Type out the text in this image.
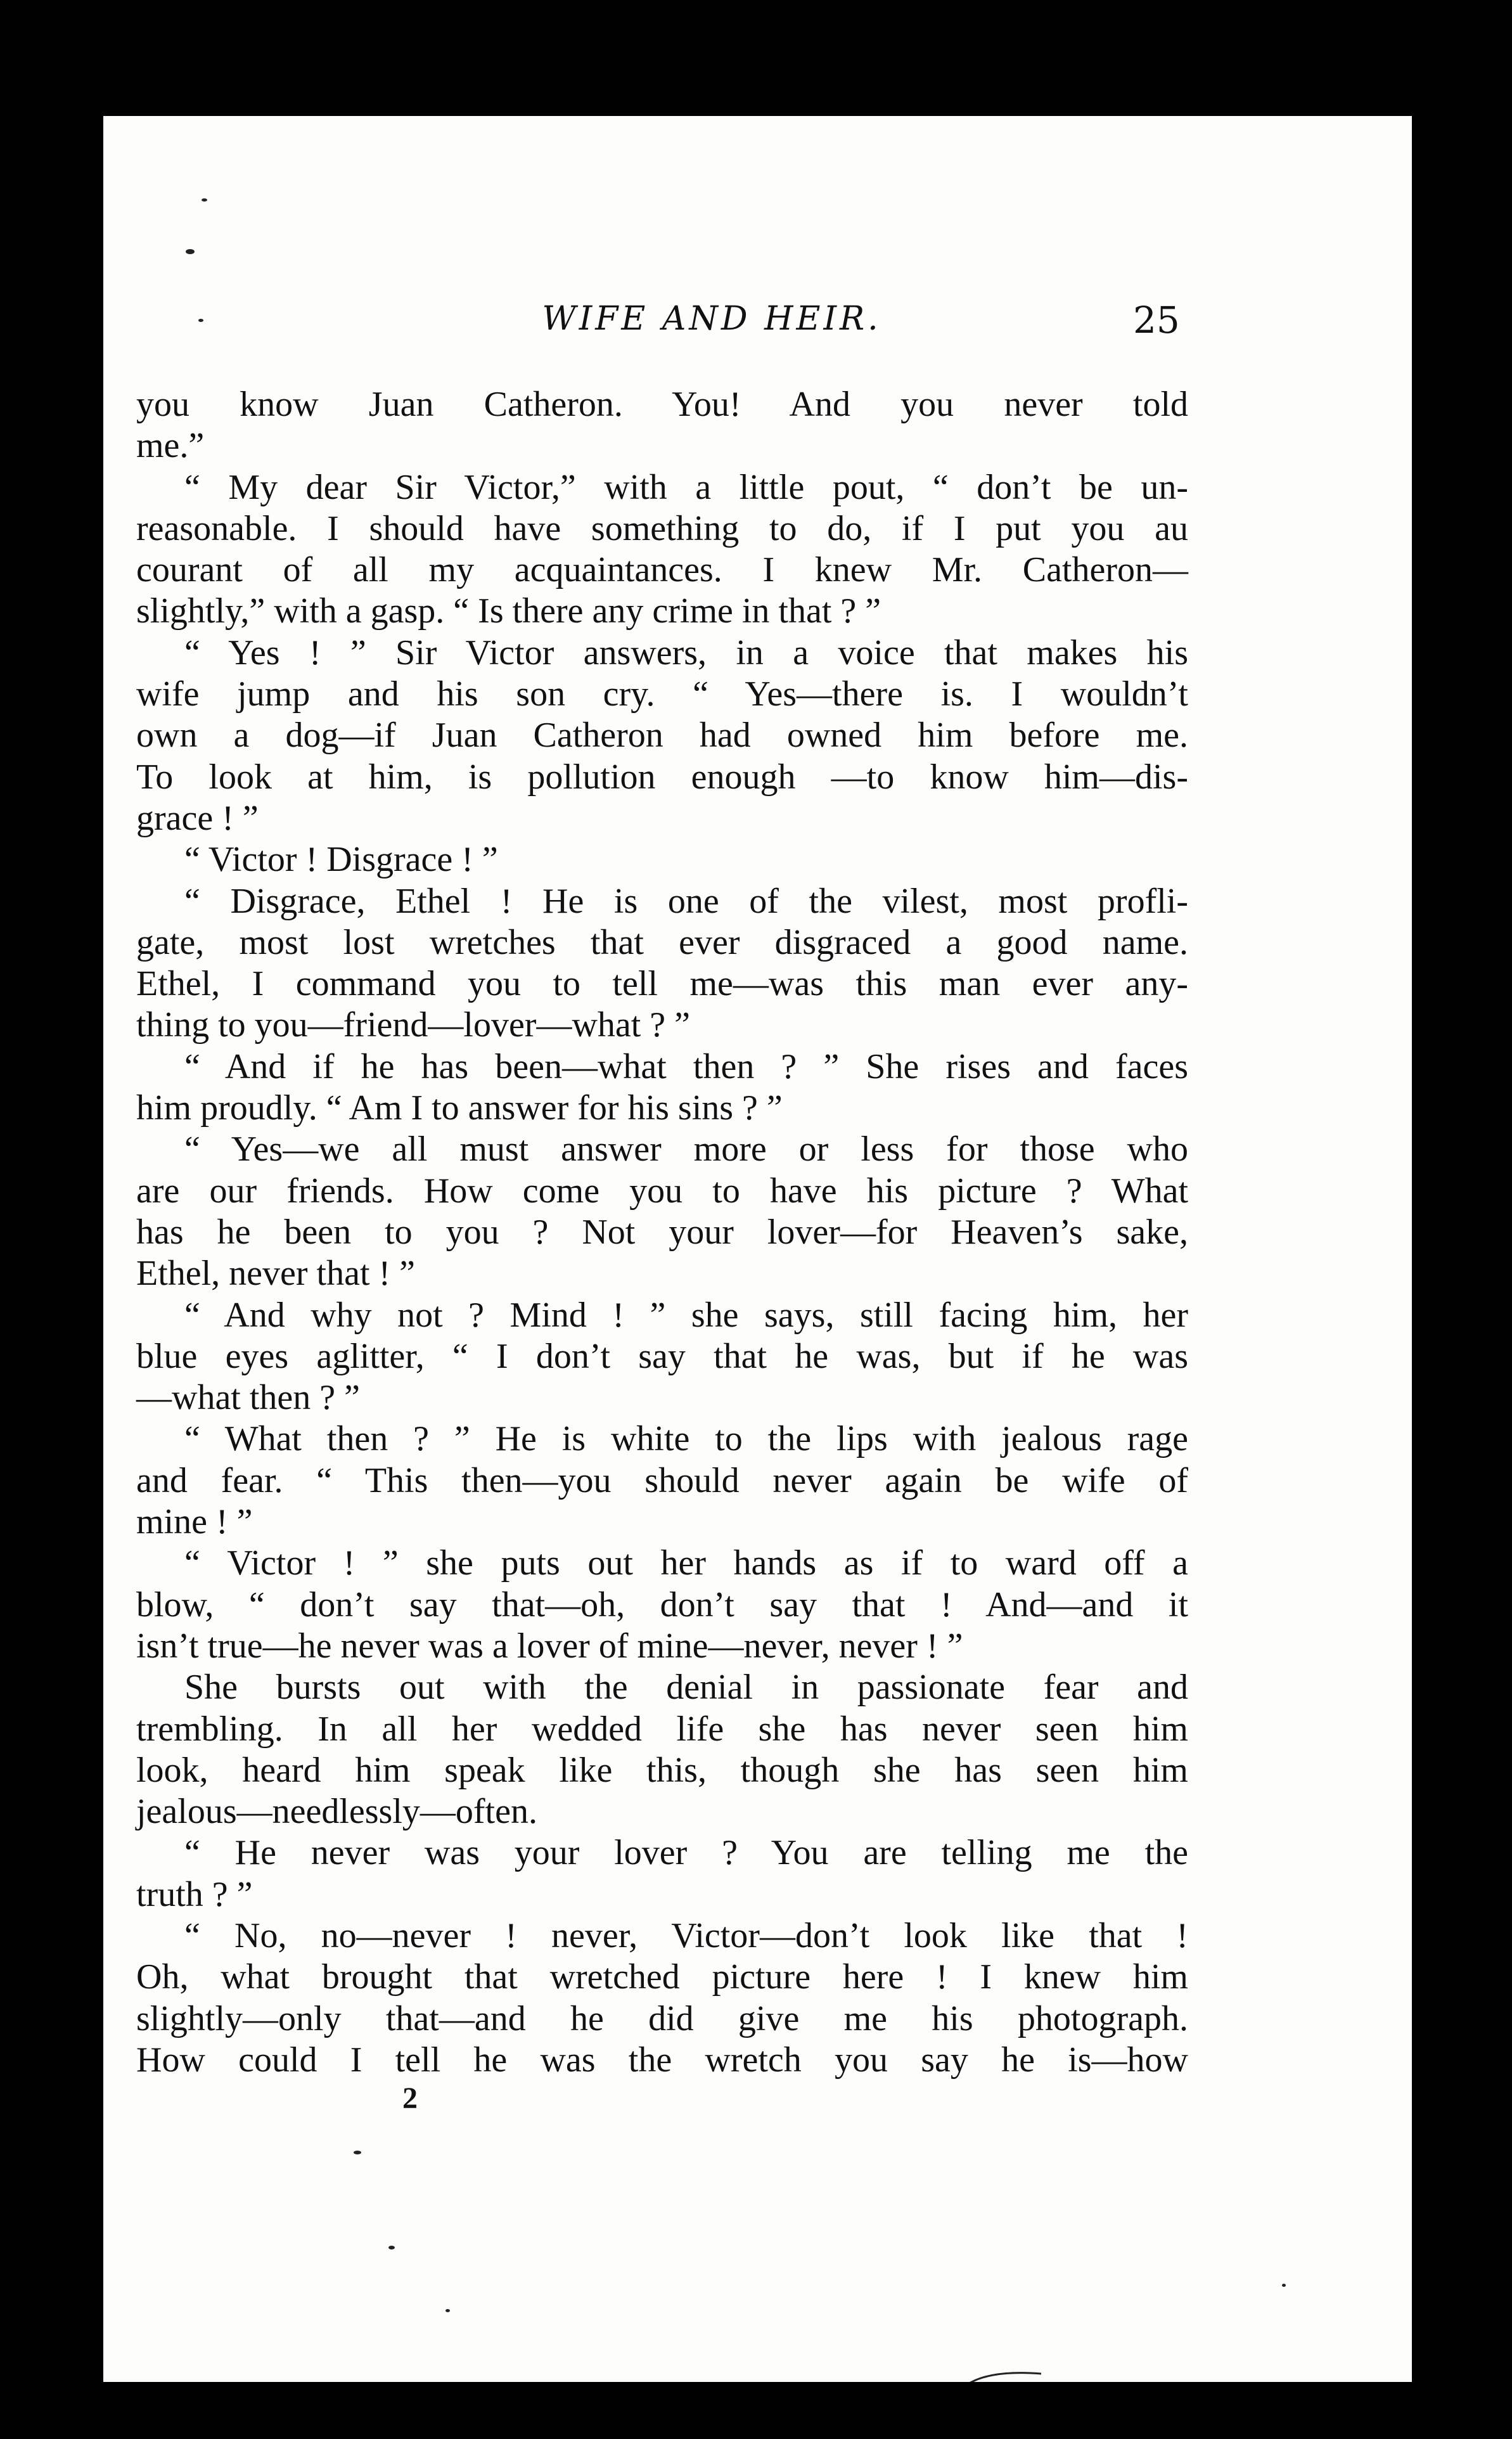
WIFE AND HEIR.	25
you know Juan Catheron. You! And you never told
me.”
“ My dear Sir Victor,” with a little pout, “ don’t be un-
reasonable. I should have something to do, if I put you au
courant of all my acquaintances. I knew Mr. Catheron—
slightly,” with a gasp. “ Is there any crime in that ? ”
“ Yes ! ” Sir Victor answers, in a voice that makes his
wife jump and his son cry. “ Yes—there is. I wouldn’t
own a dog—if Juan Catheron had owned him before me.
To look at him, is pollution enough —to know him—dis-
grace ! ”
“ Victor ! Disgrace ! ”
“ Disgrace, Ethel ! He is one of the vilest, most profli-
gate, most lost wretches that ever disgraced a good name.
Ethel, I command you to tell me—was this man ever any-
thing to you—friend—lover—what ? ”
“ And if he has been—what then ? ” She rises and faces
him proudly. “ Am I to answer for his sins ? ”
“ Yes—we all must answer more or less for those who
are our friends. How come you to have his picture ? What
has he been to you ? Not your lover—for Heaven’s sake,
Ethel, never that ! ”
“ And why not ? Mind ! ” she says, still facing him, her
blue eyes aglitter, “ I don’t say that he was, but if he was
—what then ? ”
“ What then ? ” He is white to the lips with jealous rage
and fear. “ This then—you should never again be wife of
mine ! ”
“ Victor ! ” she puts out her hands as if to ward off a
blow, “ don’t say that—oh, don’t say that ! And—and it
isn’t true—he never was a lover of mine—never, never ! ”
She bursts out with the denial in passionate fear and
trembling. In all her wedded life she has never seen him
look, heard him speak like this, though she has seen him
jealous—needlessly—often.
“ He never was your lover ? You are telling me the
truth ? ”
“ No, no—never ! never, Victor—don’t look like that !
Oh, what brought that wretched picture here ! I knew him
slightly—only that—and he did give me his photograph.
How could I tell he was the wretch you say he is—how
2
